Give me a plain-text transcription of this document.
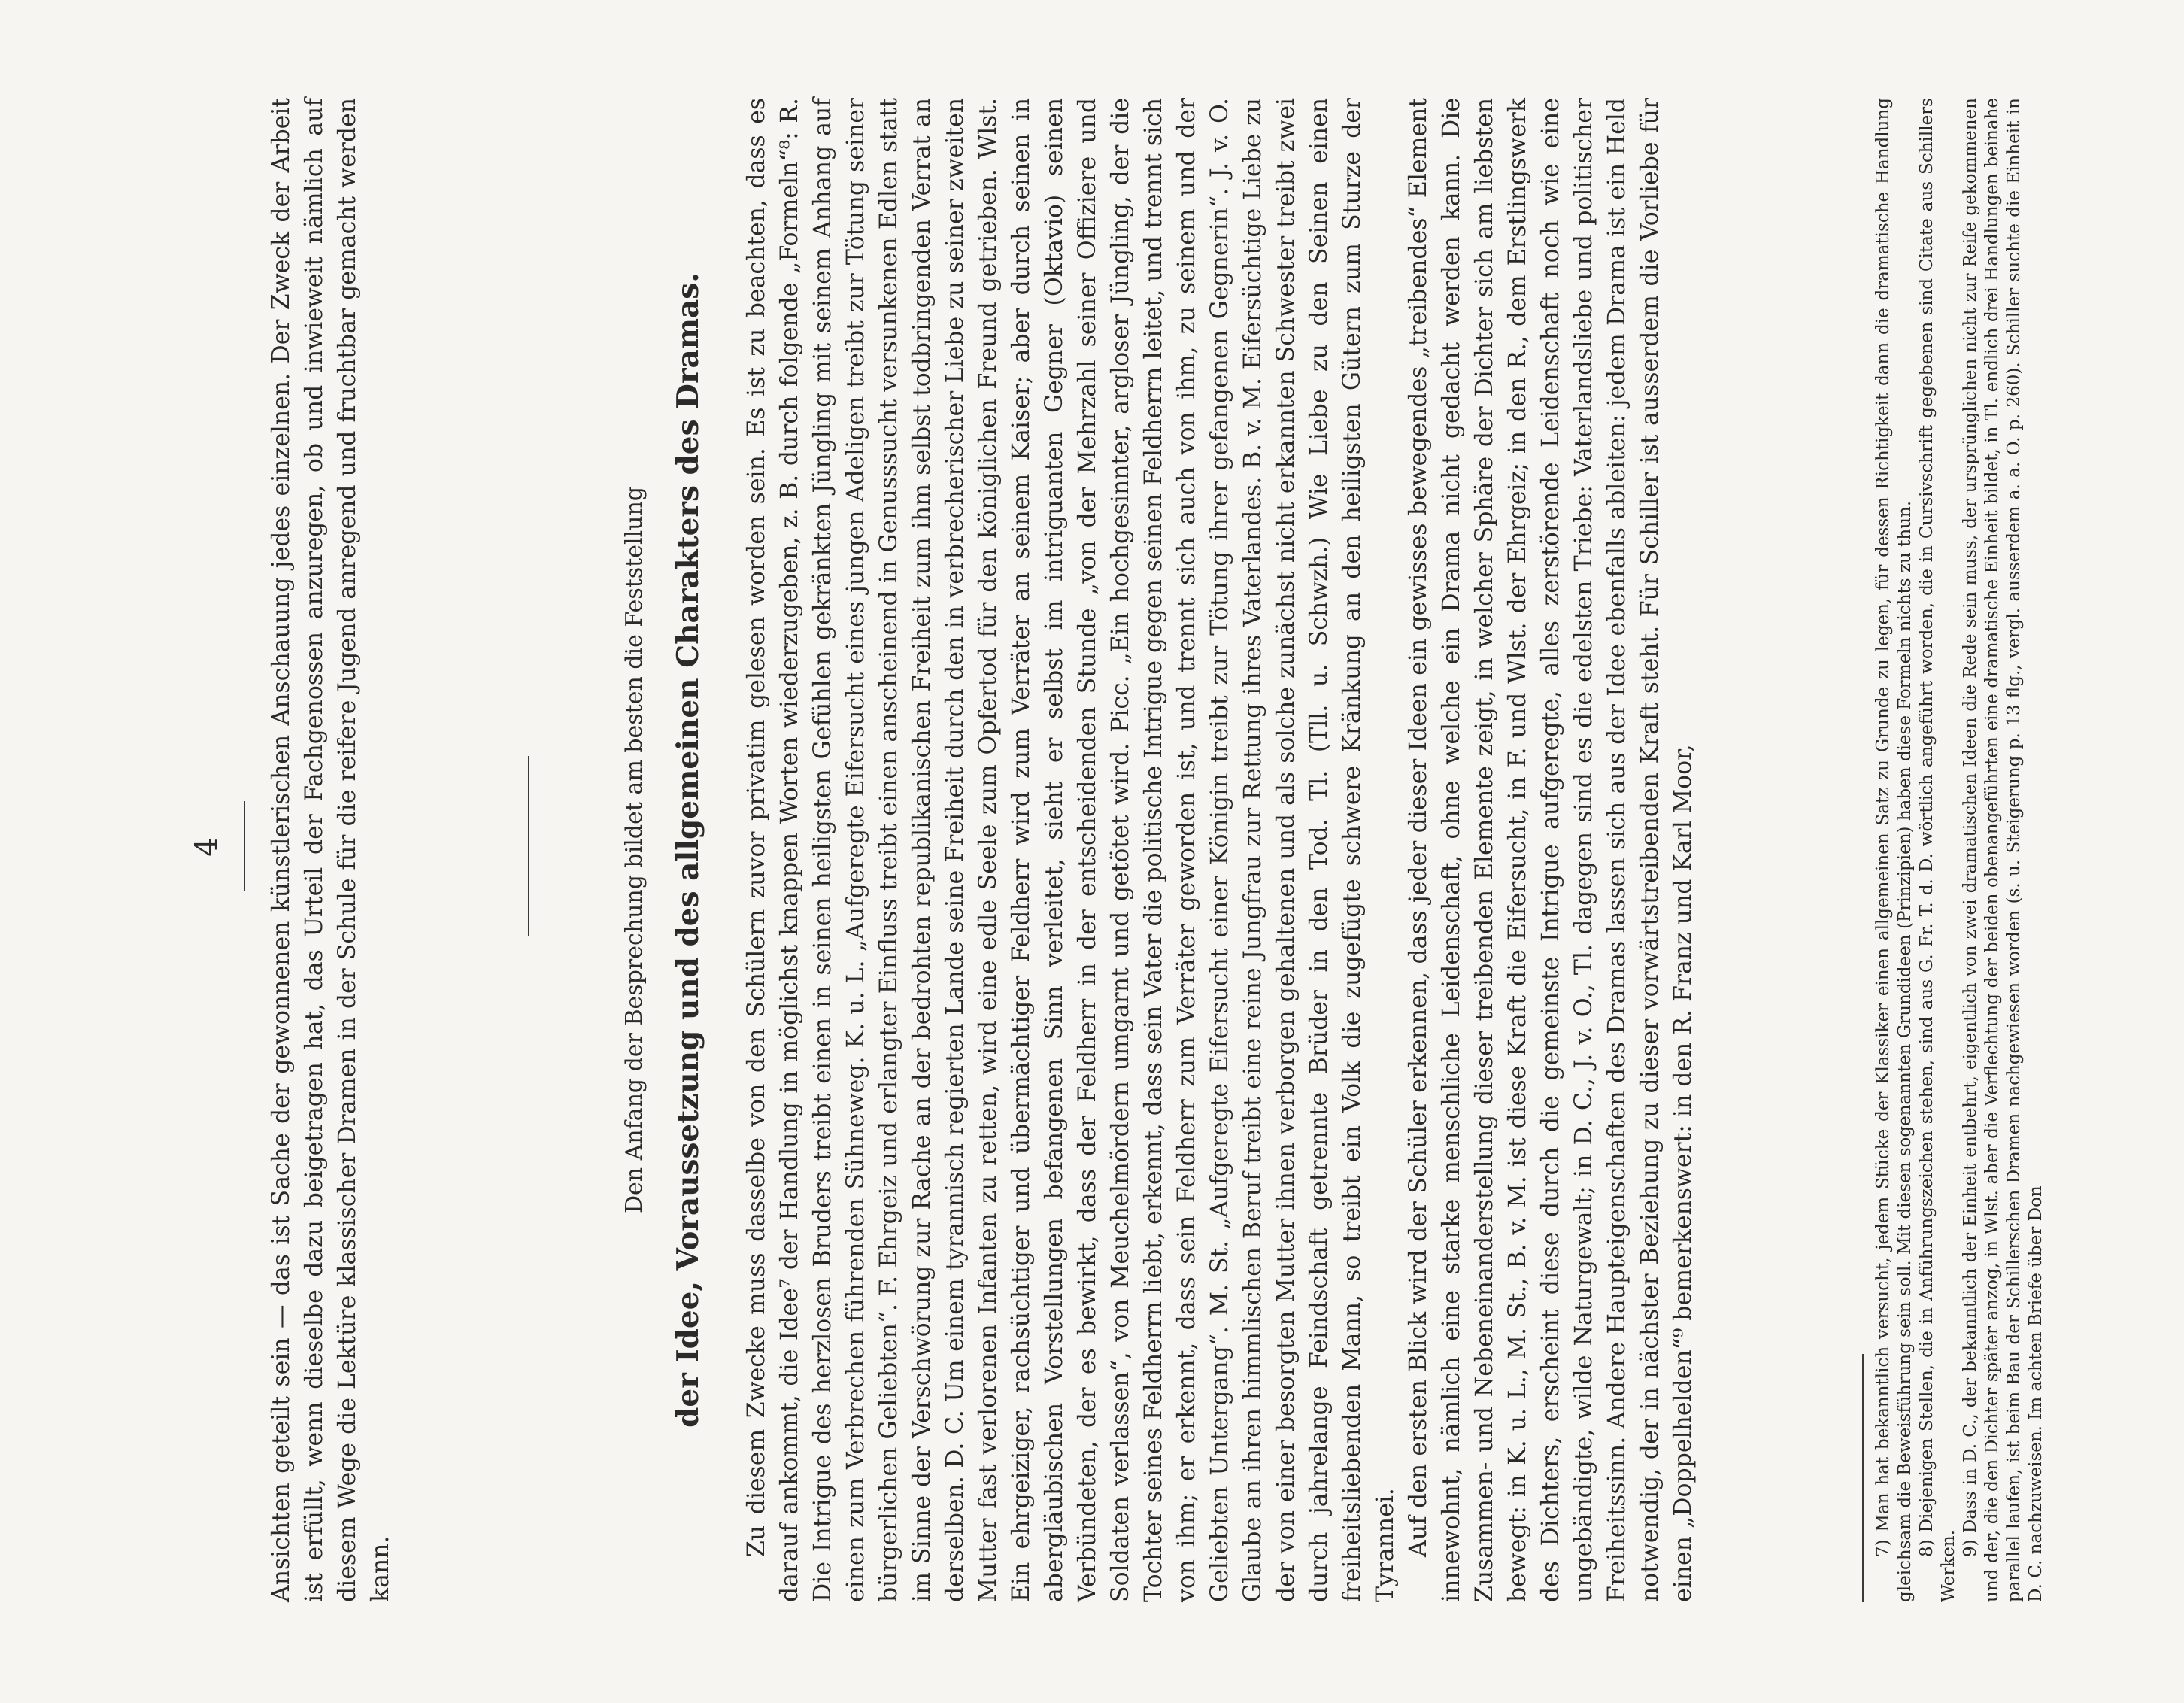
4 Ansichten geteilt sein — das ist Sache der gewonnenen künstlerischen Anschauung jedes einzelnen. Der Zweck der Arbeit ist erfüllt, wenn dieselbe dazu beigetragen hat, das Urteil der Fachgenossen anzuregen, ob und inwieweit nämlich auf diesem Wege die Lektüre klassischer Dramen in der Schule für die reifere Jugend anregend und fruchtbar gemacht werden kann.

Den Anfang der Besprechung bildet am besten die Feststellung der Idee, Voraussetzung und des allgemeinen Charakters des Dramas. Zu diesem Zwecke muss dasselbe von den Schülern zuvor privatim gelesen worden sein. Es ist zu beachten, dass es darauf ankommt, die Idee⁷ der Handlung in möglichst knappen Worten wiederzugeben, z. B. durch folgende „Formeln“⁸: R. Die Intrigue des herzlosen Bruders treibt einen in seinen heiligsten Gefühlen gekränkten Jüngling mit seinem Anhang auf einen zum Verbrechen führenden Sühneweg. K. u. L. „Aufgeregte Eifersucht eines jungen Adeligen treibt zur Tötung seiner bürgerlichen Geliebten“. F. Ehrgeiz und erlangter Einfluss treibt einen anscheinend in Genusssucht versunkenen Edlen statt im Sinne der Verschwörung zur Rache an der bedrohten republikanischen Freiheit zum ihm selbst todbringenden Verrat an derselben. D. C. Um einem tyrannisch regierten Lande seine Freiheit durch den in verbrecherischer Liebe zu seiner zweiten Mutter fast verlorenen Infanten zu retten, wird eine edle Seele zum Opfertod für den königlichen Freund getrieben. Wlst. Ein ehrgeiziger, rachsüchtiger und übermächtiger Feldherr wird zum Verräter an seinem Kaiser; aber durch seinen in abergläubischen Vorstellungen befangenen Sinn verleitet, sieht er selbst im intriguanten Gegner (Oktavio) seinen Verbündeten, der es bewirkt, dass der Feldherr in der entscheidenden Stunde „von der Mehrzahl seiner Offiziere und Soldaten verlassen“, von Meuchelmördern umgarnt und getötet wird. Picc. „Ein hochgesinnter, argloser Jüngling, der die Tochter seines Feldherrn liebt, erkennt, dass sein Vater die politische Intrigue gegen seinen Feldherrn leitet, und trennt sich von ihm; er erkennt, dass sein Feldherr zum Verräter geworden ist, und trennt sich auch von ihm, zu seinem und der Geliebten Untergang“. M. St. „Aufgeregte Eifersucht einer Königin treibt zur Tötung ihrer gefangenen Gegnerin“. J. v. O. Glaube an ihren himmlischen Beruf treibt eine reine Jungfrau zur Rettung ihres Vaterlandes. B. v. M. Eifersüchtige Liebe zu der von einer besorgten Mutter ihnen verborgen gehaltenen und als solche zunächst nicht erkannten Schwester treibt zwei durch jahrelange Feindschaft getrennte Brüder in den Tod. Tl. (Tll. u. Schwzh.) Wie Liebe zu den Seinen einen freiheitsliebenden Mann, so treibt ein Volk die zugefügte schwere Kränkung an den heiligsten Gütern zum Sturze der Tyrannei. Auf den ersten Blick wird der Schüler erkennen, dass jeder dieser Ideen ein gewisses bewegendes „treibendes“ Element innewohnt, nämlich eine starke menschliche Leidenschaft, ohne welche ein Drama nicht gedacht werden kann. Die Zusammen- und Nebeneinanderstellung dieser treibenden Elemente zeigt, in welcher Sphäre der Dichter sich am liebsten bewegt: in K. u. L., M. St., B. v. M. ist diese Kraft die Eifersucht, in F. und Wlst. der Ehrgeiz; in den R., dem Erstlingswerk des Dichters, erscheint diese durch die gemeinste Intrigue aufgeregte, alles zerstörende Leidenschaft noch wie eine ungebändigte, wilde Naturgewalt; in D. C., J. v. O., Tl. dagegen sind es die edelsten Triebe: Vaterlandsliebe und politischer Freiheitssinn. Andere Haupteigenschaften des Dramas lassen sich aus der Idee ebenfalls ableiten: jedem Drama ist ein Held notwendig, der in nächster Beziehung zu dieser vorwärtstreibenden Kraft steht. Für Schiller ist ausserdem die Vorliebe für einen „Doppelhelden“⁹ bemerkenswert: in den R. Franz und Karl Moor,	7) Man hat bekanntlich versucht, jedem Stücke der Klassiker einen allgemeinen Satz zu Grunde zu legen, für dessen Richtigkeit dann die dramatische Handlung gleichsam die Beweisführung sein soll. Mit diesen sogenannten Grundideen (Prinzipien) haben diese Formeln nichts zu thun. 8) Diejenigen Stellen, die in Anführungszeichen stehen, sind aus G. Fr. T. d. D. wörtlich angeführt worden, die in Cursivschrift gegebenen sind Citate aus Schillers Werken.

9) Dass in D. C., der bekanntlich der Einheit entbehrt, eigentlich von zwei dramatischen Ideen die Rede sein muss, der ursprünglichen nicht zur Reife gekommenen und der, die den Dichter später anzog, in Wlst. aber die Verflechtung der beiden obenangeführten eine dramatische Einheit bildet, in Tl. endlich drei Handlungen beinahe parallel laufen, ist beim Bau der Schillerschen Dramen nachgewiesen worden (s. u. Steigerung p. 13 flg., vergl. ausserdem a. a. O. p. 260). Schiller suchte die Einheit in D. C. nachzuweisen. Im achten Briefe über Don
